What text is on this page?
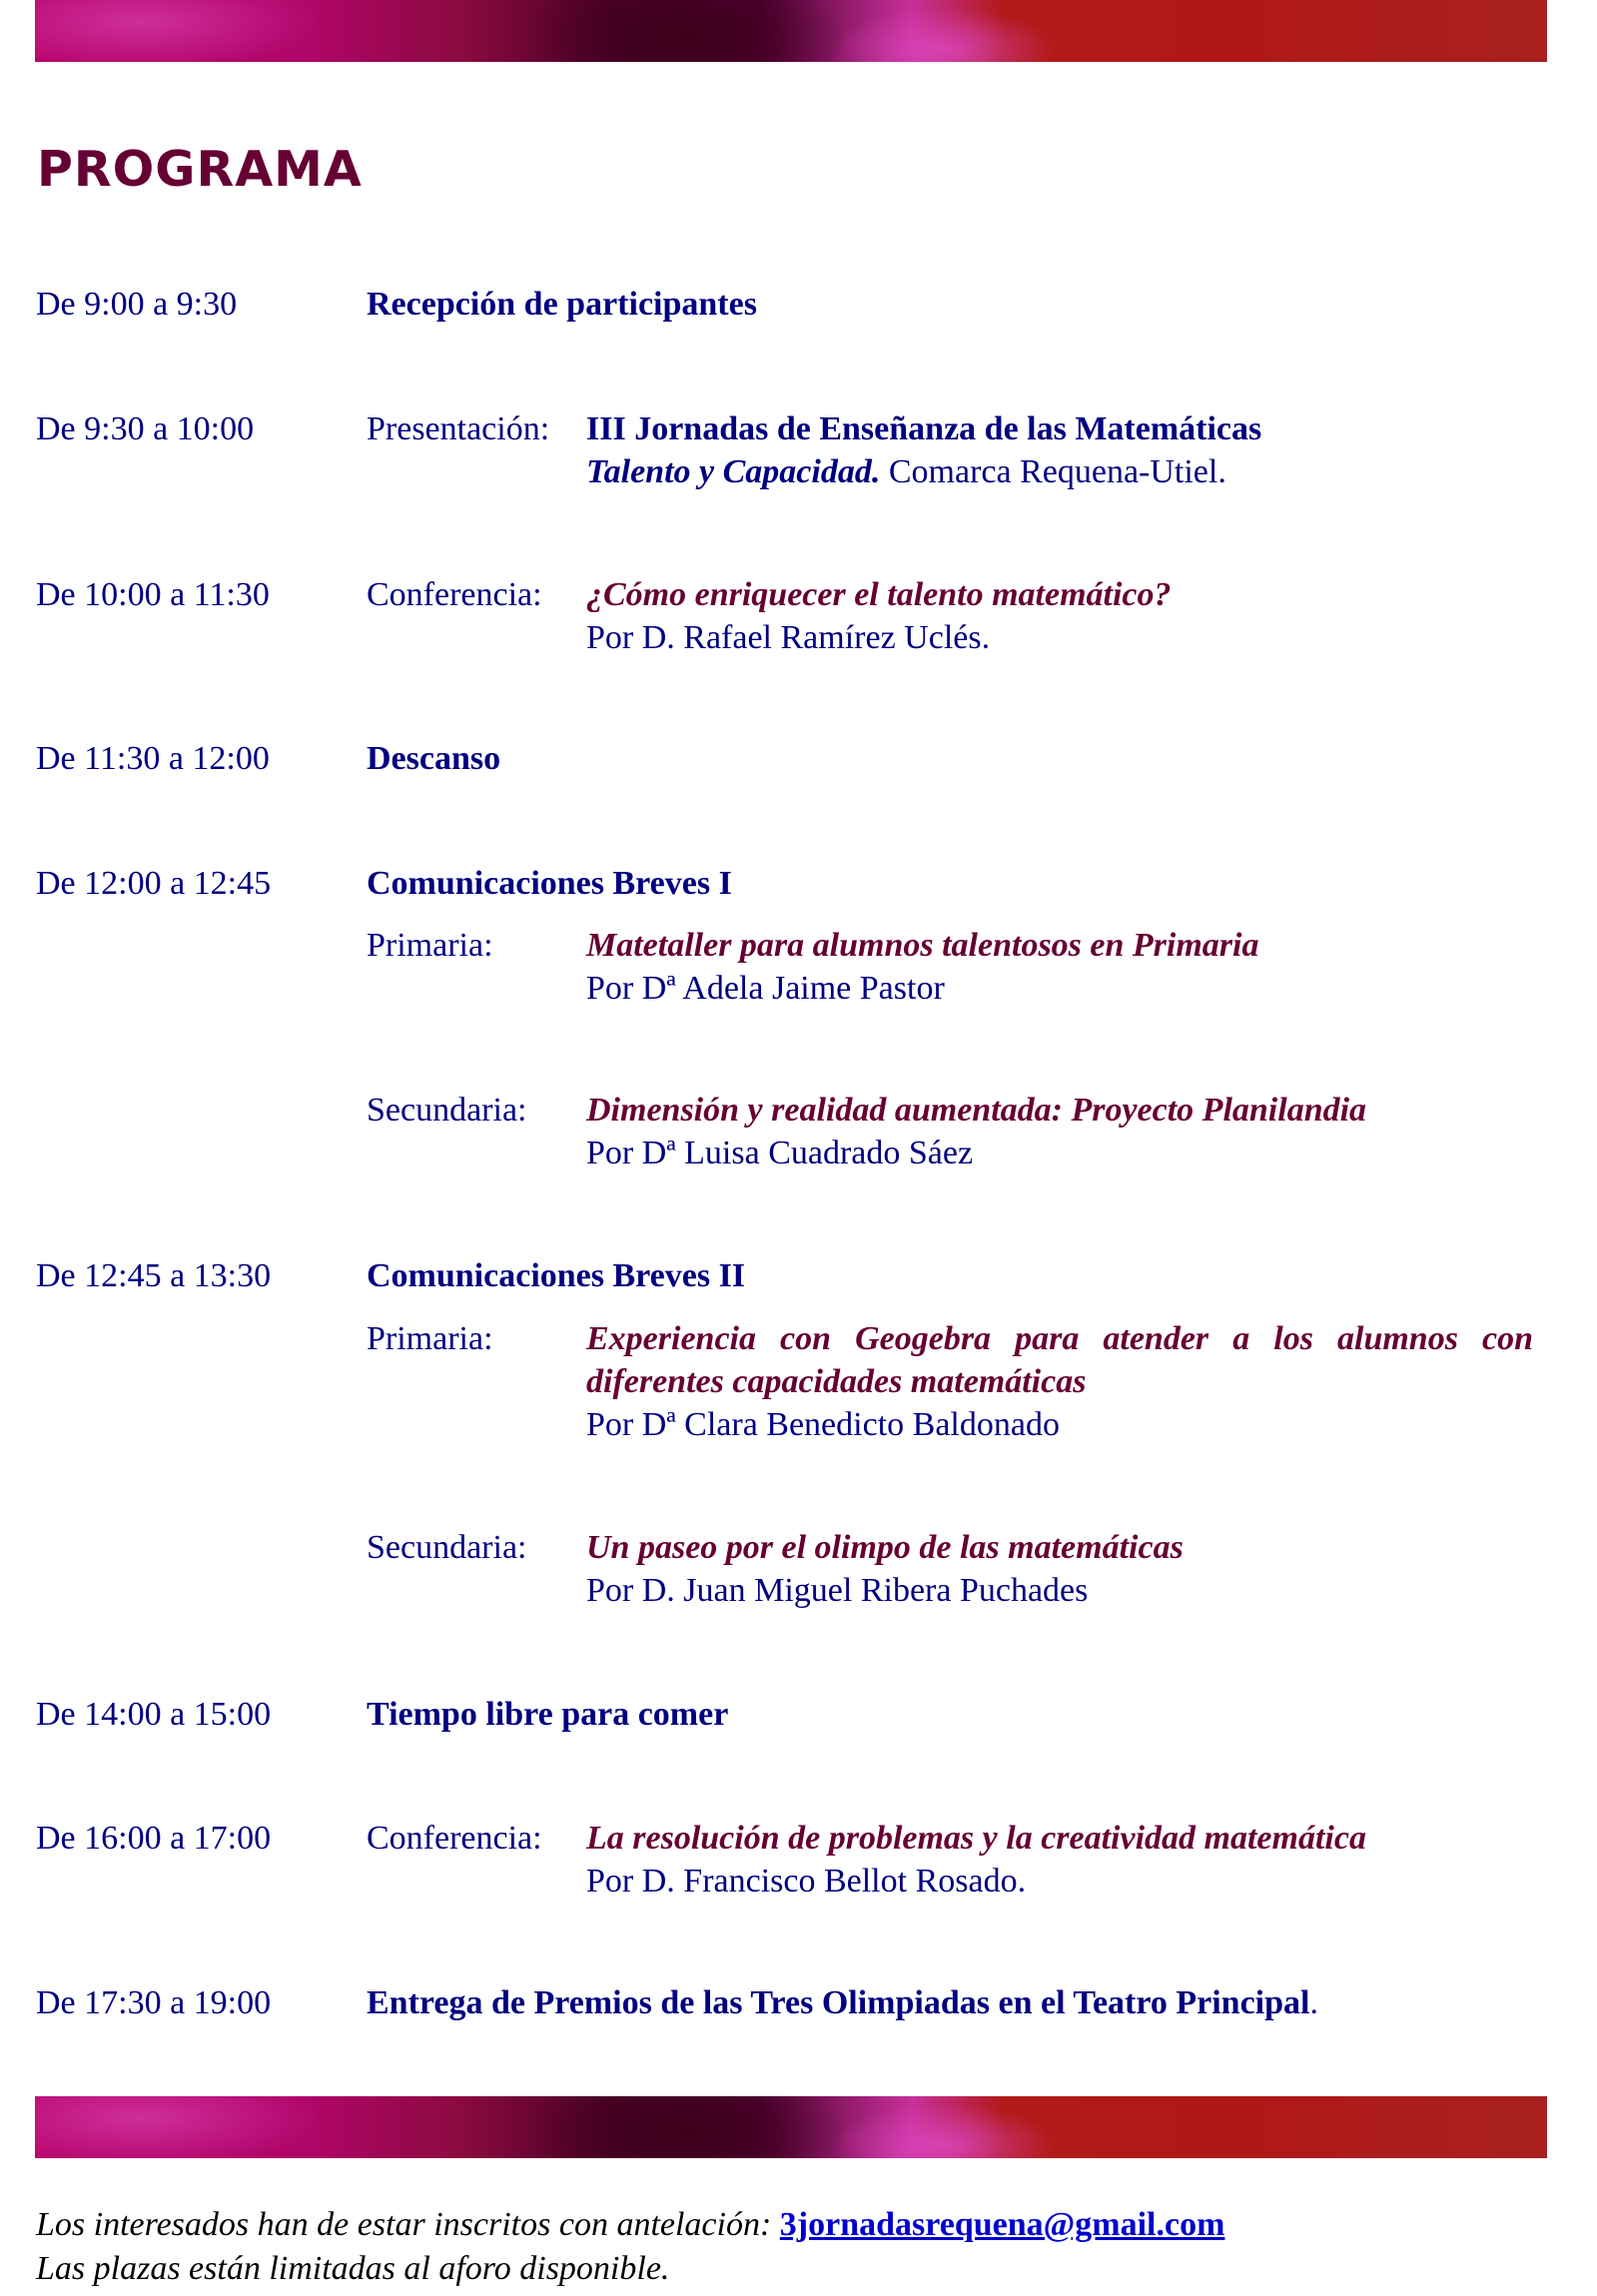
PROGRAMA
De 9:00 a 9:30	Recepción de participantes
De 9:30 a 10:00	Presentación: III Jornadas de Enseñanza de las Matemáticas
Talento y Capacidad. Comarca Requena-Utiel.
De 10:00 a 11:30	Conferencia: ¿Cómo enriquecer el talento matemático?
Por D. Rafael Ramírez Uclés.
De 11:30 a 12:00	Descanso
De 12:00 a 12:45	Comunicaciones Breves I
Primaria:	Matetaller para alumnos talentosos en Primaria
Por Dª Adela Jaime Pastor
Secundaria: Dimensión y realidad aumentada: Proyecto Planilandia
Por Dª Luisa Cuadrado Sáez
De 12:45 a 13:30	Comunicaciones Breves II
Primaria:	Experiencia con Geogebra para atender a los alumnos con diferentes capacidades matemáticas
Por Dª Clara Benedicto Baldonado
Secundaria: Un paseo por el olimpo de las matemáticas
Por D. Juan Miguel Ribera Puchades
De 14:00 a 15:00	Tiempo libre para comer
De 16:00 a 17:00	Conferencia: La resolución de problemas y la creatividad matemática
Por D. Francisco Bellot Rosado.
De 17:30 a 19:00	Entrega de Premios de las Tres Olimpiadas en el Teatro Principal.
Los interesados han de estar inscritos con antelación: 3jornadasrequena@gmail.com
Las plazas están limitadas al aforo disponible.
